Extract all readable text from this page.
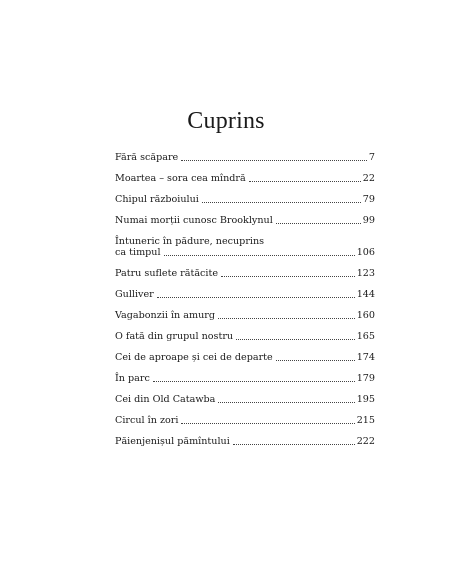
Cuprins
Fără scăpare	7
Moartea – sora cea mîndră	22
Chipul războiului	79
Numai morții cunosc Brooklynul	99
Întuneric în pădure, necuprins
ca timpul	106
Patru suflete rătăcite	123
Gulliver	144
Vagabonzii în amurg	160
O fată din grupul nostru	165
Cei de aproape și cei de departe	174
În parc	179
Cei din Old Catawba	195
Circul în zori	215
Păienjenișul pămîntului	222
